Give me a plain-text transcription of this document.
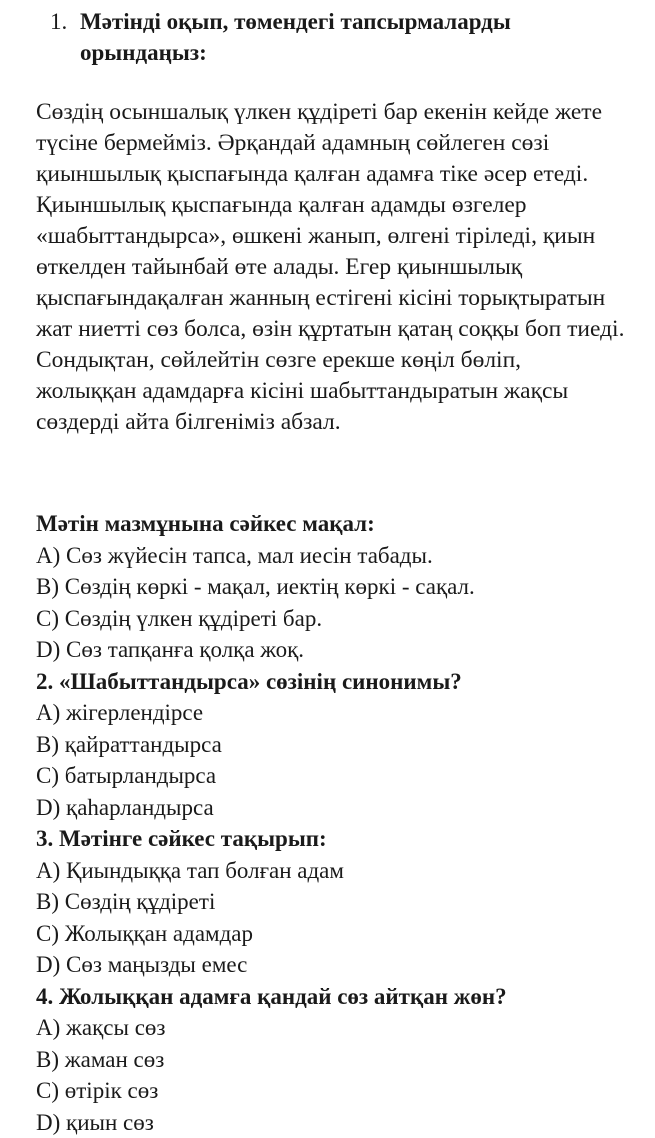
1. Мәтінді оқып, төмендегі тапсырмаларды орындаңыз:

Сөздің осыншалық үлкен құдіреті бар екенін кейде жете түсіне бермейміз. Әрқандай адамның сөйлеген сөзі қиыншылық қыспағында қалған адамға тіке әсер етеді. Қиыншылық қыспағында қалған адамды өзгелер «шабыттандырса», өшкені жанып, өлгені тіріледі, қиын

өткелден тайынбай өте алады. Егер қиыншылық қыспағындақалған жанның естігені кісіні торықтыратын жат ниетті сөз болса, өзін құртатын қатаң соққы боп тиеді. Сондықтан, сөйлейтін сөзге ерекше көңіл бөліп, жолыққан адамдарға кісіні шабыттандыратын жақсы сөздерді айта білгеніміз абзал.

Мәтін мазмұнына сәйкес мақал:
A) Сөз жүйесін тапса, мал иесін табады.
B) Сөздің көркі - мақал, иектің көркі - сақал.
C) Сөздің үлкен құдіреті бар.
D) Сөз тапқанға қолқа жоқ.
2. «Шабыттандырса» сөзінің синонимы?
A) жігерлендірсе
B) қайраттандырса
C) батырландырса
D) қаһарландырса
3. Мәтінге сәйкес тақырып:
A) Қиындыққа тап болған адам
B) Сөздің құдіреті
C) Жолыққан адамдар
D) Сөз маңызды емес
4. Жолыққан адамға қандай сөз айтқан жөн?
A) жақсы сөз
B) жаман сөз
C) өтірік сөз
D) қиын сөз
